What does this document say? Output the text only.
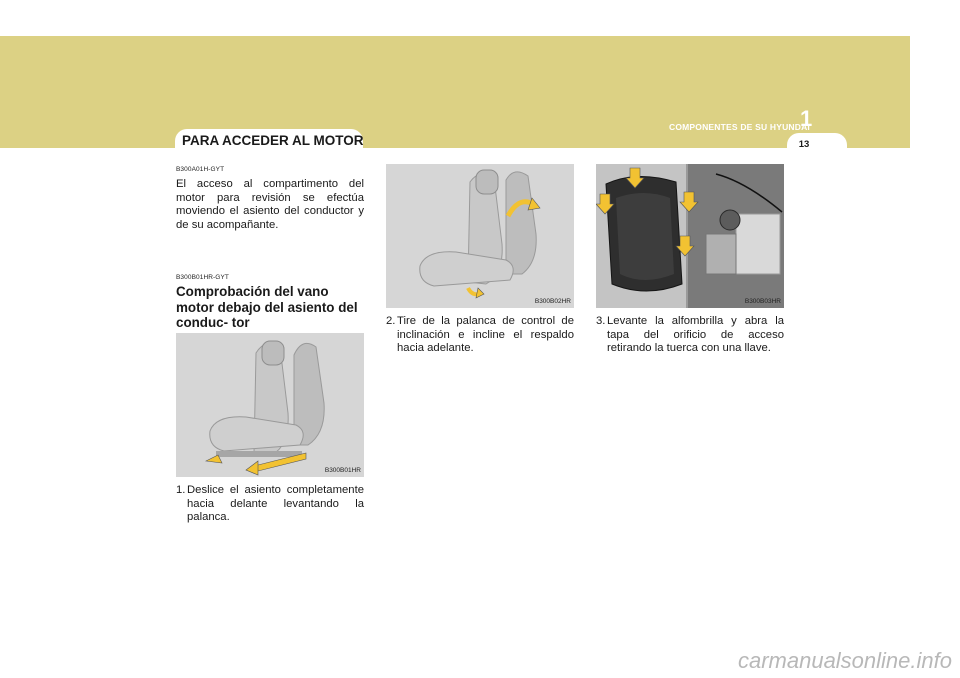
COMPONENTES DE SU HYUNDAI
1
13
PARA ACCEDER AL MOTOR
B300A01H-GYT
El acceso al compartimento del motor para revisión se efectúa moviendo el asiento del conductor y de su acompañante.
B300B01HR-GYT
Comprobación del vano motor debajo del asiento del conduc- tor
B300B01HR
1. Deslice el asiento completamente hacia delante levantando la palanca.
B300B02HR
2. Tire de la palanca de control de inclinación e incline el respaldo hacia adelante.
B300B03HR
3. Levante la alfombrilla y abra la tapa del orificio de acceso retirando la tuerca con una llave.
carmanualsonline.info
